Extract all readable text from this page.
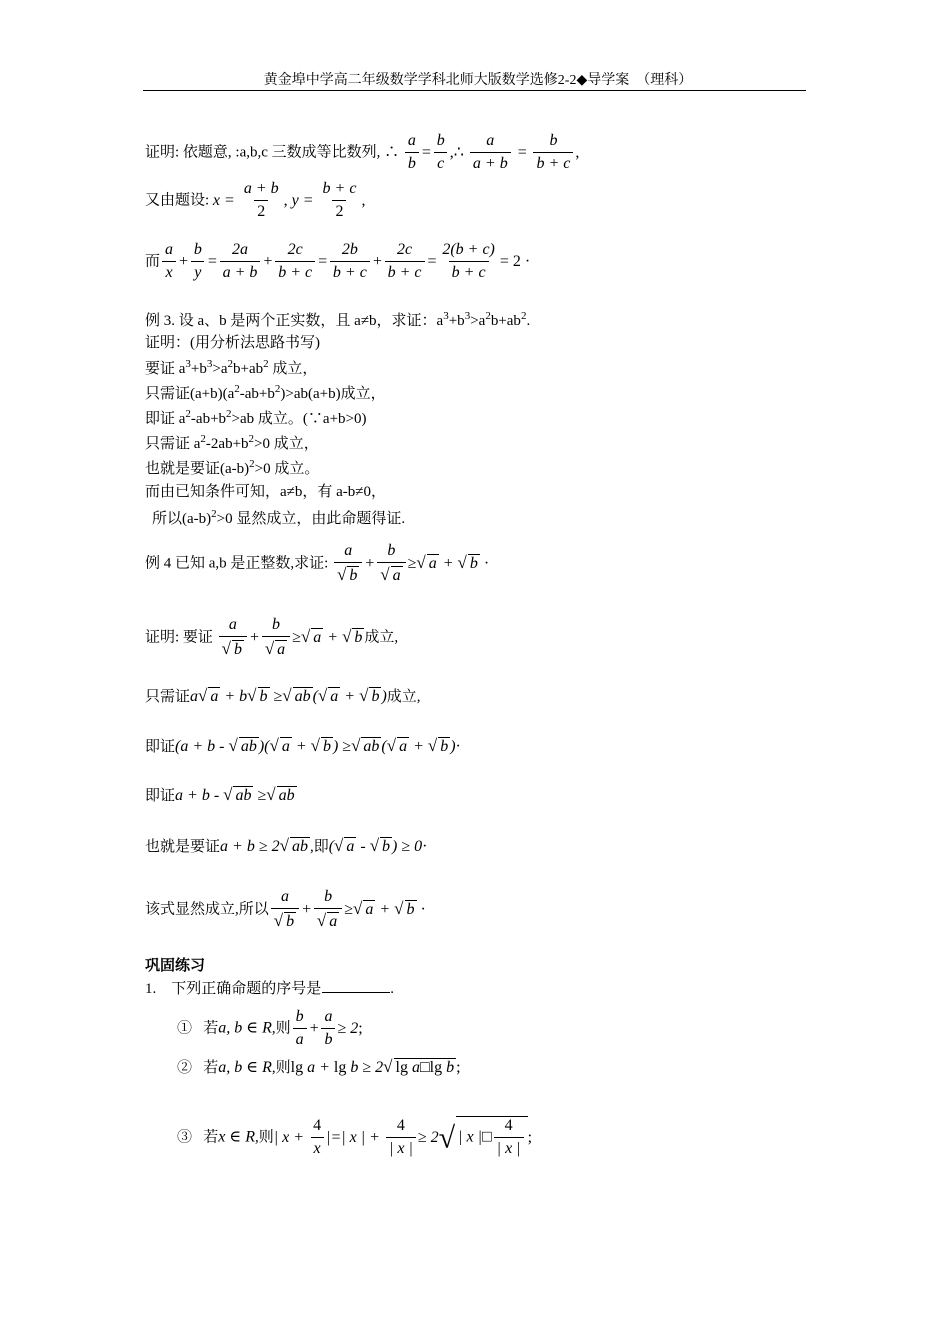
黄金埠中学高二年级数学学科北师大版数学选修2-2◆导学案　（理科）
证明: 依题意, :a,b,c 三数成等比数列, ∴ $\frac{a}{b} = \frac{b}{c}$ ,∴ $\frac{a}{a + b} = \frac{b}{b + c}$ ,
又由题设: $x = \frac{a + b}{2}$ , $y = \frac{b + c}{2}$ ,
而 $\frac{a}{x} + \frac{b}{y} = \frac{2a}{a + b} + \frac{2c}{b + c} = \frac{2b}{b + c} + \frac{2c}{b + c} = \frac{2(b + c)}{b + c} = 2$ ·
例 3. 设 a、b 是两个正实数，且 a≠b，求证：$a^3+b^3>a^2b+ab^2$.
证明：(用分析法思路书写)
要证 $a^3+b^3>a^2b+ab^2$ 成立，
只需证$(a+b)(a^2-ab+b^2)>ab(a+b)$成立，
即证 $a^2-ab+b^2>ab$ 成立。(∵a+b>0)
只需证 $a^2-2ab+b^2>0$ 成立，
也就是要证$(a-b)^2>0$ 成立。
而由已知条件可知，a≠b，有 a-b≠0，
所以$(a-b)^2>0$ 显然成立，由此命题得证.
例 4 已知 a,b 是正整数,求证: $\frac{a}{√ b} + \frac{b}{√ a}$ ≥√ a + √ b ·
证明: 要证 $\frac{a}{√ b} + \frac{b}{√ a}$ ≥√ a + √ b 成立,
只需证a√ a + b√ b ≥√ ab (√ a + √ b )成立,
即证(a + b - √ ab )(√ a + √ b ) ≥√ ab (√ a + √ b )·
即证a + b - √ ab ≥√ ab
也就是要证a + b ≥ 2√ ab ,即(√ a - √ b ) ≥ 0·
该式显然成立,所以 $\frac{a}{√ b} + \frac{b}{√ a}$ ≥√ a + √ b ·
巩固练习
1. 下列正确命题的序号是	.
① 若a, b ∈ R,则 $\frac{b}{a} + \frac{a}{b} \ge 2$;
② 若a, b ∈ R,则lg a + lg b ≥ 2√ lg a□lg b ;
③ 若x ∈ R,则| $x + \frac{4}{x}$ |=| x | + $\frac{4}{| x |} \ge 2√$ | x |□ $\frac{4}{| x |}$ ;
